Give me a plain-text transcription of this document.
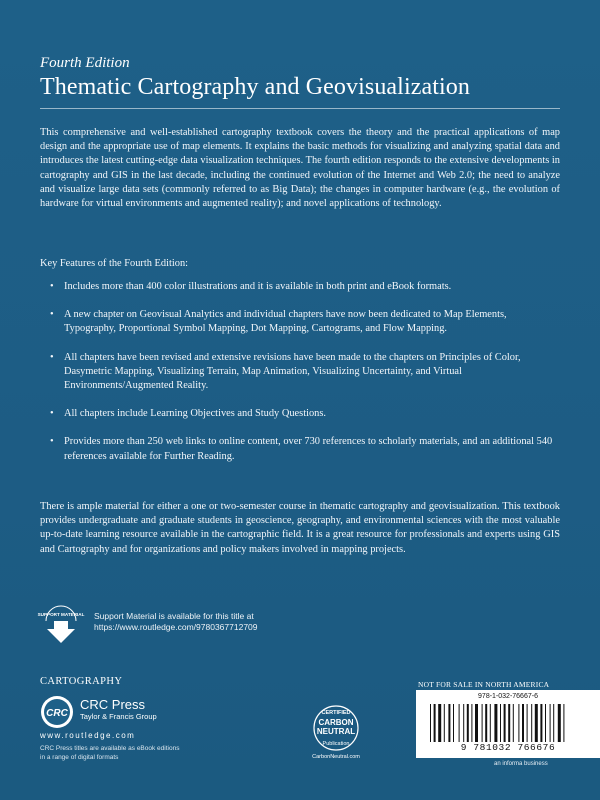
Fourth Edition
Thematic Cartography and Geovisualization
This comprehensive and well-established cartography textbook covers the theory and the practical applications of map design and the appropriate use of map elements. It explains the basic methods for visualizing and analyzing spatial data and introduces the latest cutting-edge data visualization techniques. The fourth edition responds to the extensive developments in cartography and GIS in the last decade, including the continued evolution of the Internet and Web 2.0; the need to analyze and visualize large data sets (commonly referred to as Big Data); the changes in computer hardware (e.g., the evolution of hardware for virtual environments and augmented reality); and novel applications of technology.
Key Features of the Fourth Edition:
• Includes more than 400 color illustrations and it is available in both print and eBook formats.
• A new chapter on Geovisual Analytics and individual chapters have now been dedicated to Map Elements, Typography, Proportional Symbol Mapping, Dot Mapping, Cartograms, and Flow Mapping.
• All chapters have been revised and extensive revisions have been made to the chapters on Principles of Color, Dasymetric Mapping, Visualizing Terrain, Map Animation, Visualizing Uncertainty, and Virtual Environments/Augmented Reality.
• All chapters include Learning Objectives and Study Questions.
• Provides more than 250 web links to online content, over 730 references to scholarly materials, and an additional 540 references available for Further Reading.
There is ample material for either a one or two-semester course in thematic cartography and geovisualization. This textbook provides undergraduate and graduate students in geoscience, geography, and environmental sciences with the most valuable up-to-date learning resource available in the cartographic field. It is a great resource for professionals and experts using GIS and Cartography and for organizations and policy makers involved in mapping projects.
SUPPORT MATERIAL Support Material is available for this title at
https://www.routledge.com/9780367712709
CARTOGRAPHY
CRC
CRC Press
Taylor & Francis Group
www.routledge.com
CRC Press titles are available as eBook editions
in a range of digital formats
CERTIFIED
CARBON
NEUTRAL
Publication
CarbonNeutral.com
NOT FOR SALE IN NORTH AMERICA
978-1-032-76667-6
9 781032 766676
an informa business
